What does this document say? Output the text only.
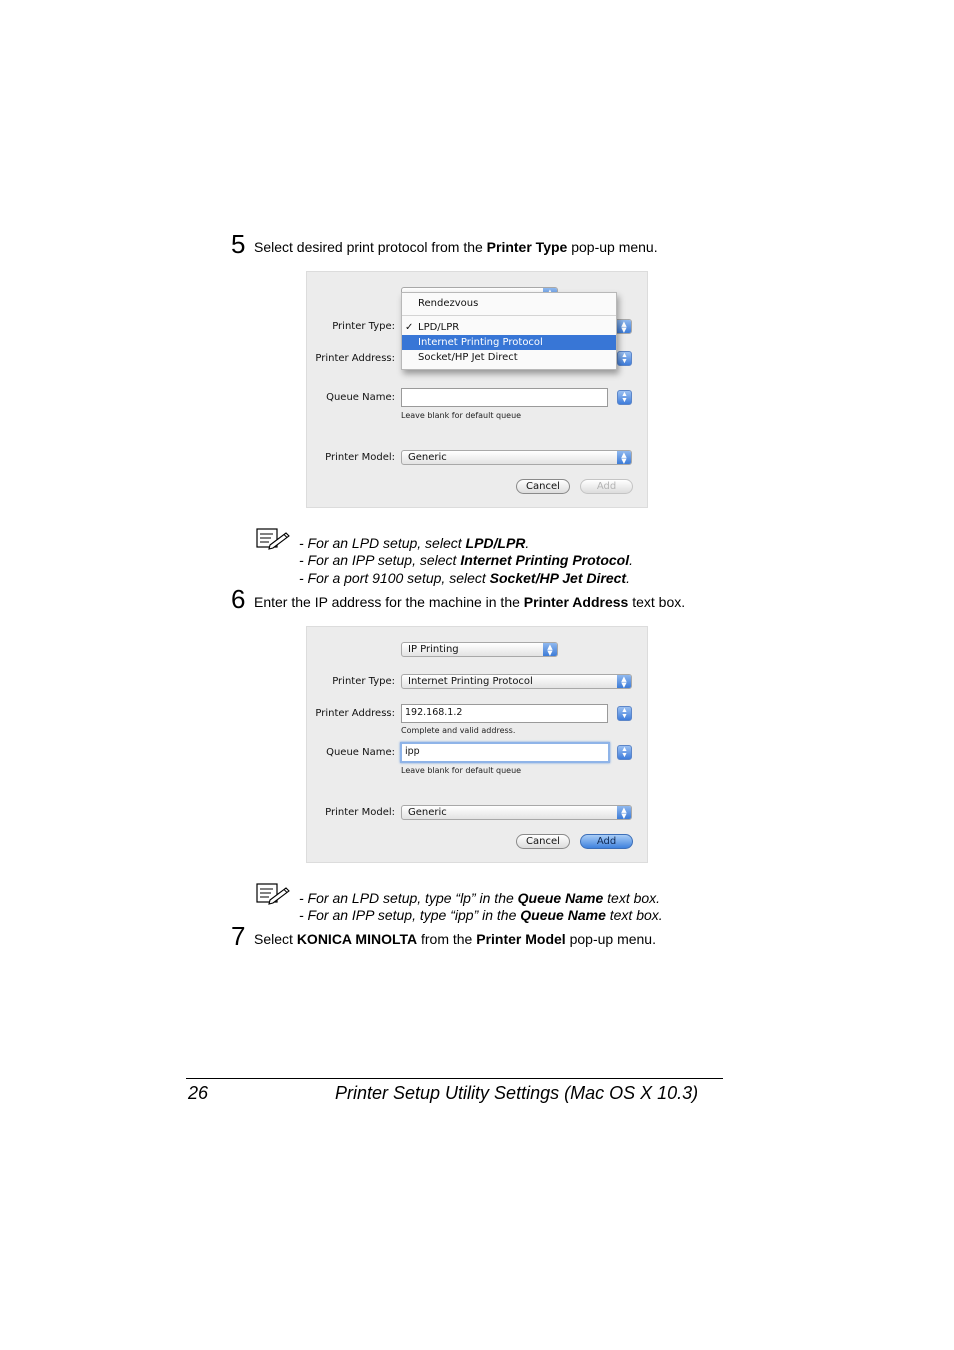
5 Select desired print protocol from the Printer Type pop-up menu.

Printer Type:	▲
▼
Printer Address:	▲
▼
Rendezvous
✓ LPD/LPR
Internet Printing Protocol
Socket/HP Jet Direct
Queue Name:	▲
▼
Leave blank for default queue
Printer Model:	Generic	▲
▼
Cancel	Add
- For an LPD setup, select LPD/LPR.
- For an IPP setup, select Internet Printing Protocol.
- For a port 9100 setup, select Socket/HP Jet Direct.
6 Enter the IP address for the machine in the Printer Address text box.
IP Printing	▲
▼
Printer Type:	Internet Printing Protocol	▲
▼
Printer Address:	192.168.1.2	▲
▼
Complete and valid address.
Queue Name:	ipp	▲
▼
Leave blank for default queue
Printer Model:	Generic	▲
▼
Cancel	Add
- For an LPD setup, type “lp” in the Queue Name text box.
- For an IPP setup, type “ipp” in the Queue Name text box.
7 Select KONICA MINOLTA from the Printer Model pop-up menu.
26	Printer Setup Utility Settings (Mac OS X 10.3)
